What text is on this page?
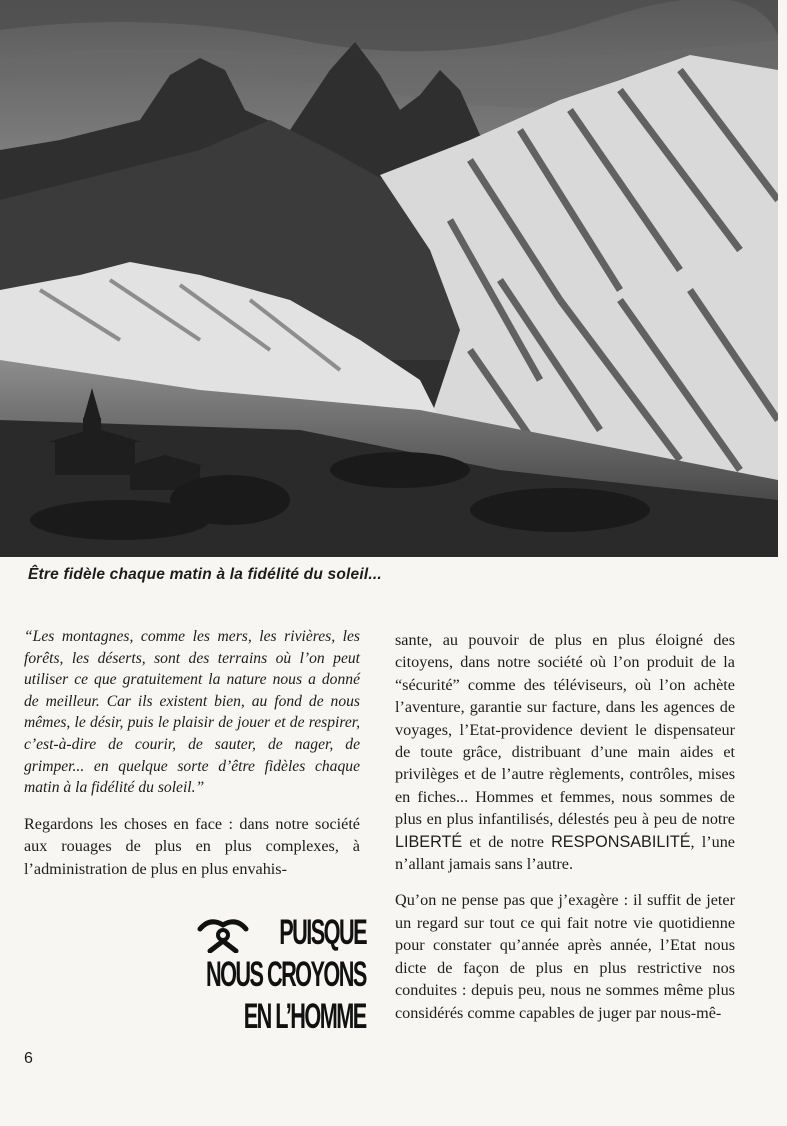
Être fidèle chaque matin à la fidélité du soleil...

“Les montagnes, comme les mers, les rivières, les forêts, les déserts, sont des terrains où l’on peut utiliser ce que gratuitement la nature nous a donné de meilleur. Car ils existent bien, au fond de nous mêmes, le désir, puis le plaisir de jouer et de respirer, c’est-à-dire de courir, de sauter, de nager, de grimper... en quelque sorte d’être fidèles chaque matin à la fidélité du soleil.”

Regardons les choses en face : dans notre société aux rouages de plus en plus complexes, à l’administration de plus en plus envahis-

PUISQUE
NOUS CROYONS
EN L’HOMME

sante, au pouvoir de plus en plus éloigné des citoyens, dans notre société où l’on produit de la “sécurité” comme des téléviseurs, où l’on achète l’aventure, garantie sur facture, dans les agences de voyages, l’Etat-providence devient le dispensateur de toute grâce, distribuant d’une main aides et privilèges et de l’autre règlements, contrôles, mises en fiches... Hommes et femmes, nous sommes de plus en plus infantilisés, délestés peu à peu de notre LIBERTÉ et de notre RESPONSABILITÉ, l’une n’allant jamais sans l’autre.

Qu’on ne pense pas que j’exagère : il suffit de jeter un regard sur tout ce qui fait notre vie quotidienne pour constater qu’année après année, l’Etat nous dicte de façon de plus en plus restrictive nos conduites : depuis peu, nous ne sommes même plus considérés comme capables de juger par nous-mê-

6
